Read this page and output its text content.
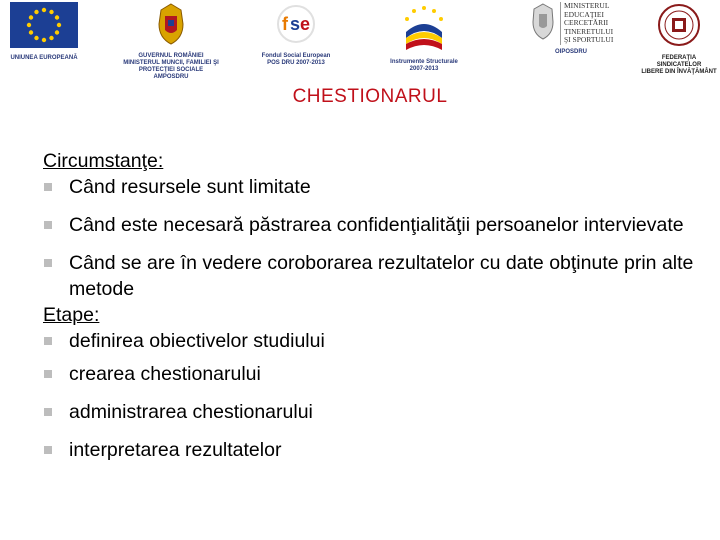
UNIUNEA EUROPEANĂ	GUVERNUL ROMÂNIEI
MINISTERUL MUNCII, FAMILIEI ŞI
PROTECŢIEI SOCIALE
AMPOSDRU
f s e
Fondul Social European
POS DRU 2007-2013	Instrumente Structurale
2007-2013
MINISTERUL
EDUCAŢIEI
CERCETĂRII
TINERETULUI
ŞI SPORTULUI
OIPOSDRU
FEDERAŢIA SINDICATELOR
LIBERE DIN ÎNVĂŢĂMÂNT
CHESTIONARUL
Circumstanţe:
Când resursele sunt limitate
Când este necesară păstrarea confidenţialităţii persoanelor intervievate
Când se are în vedere coroborarea rezultatelor cu date obţinute prin alte metode
Etape:
definirea obiectivelor studiului
crearea chestionarului
administrarea chestionarului
interpretarea rezultatelor
